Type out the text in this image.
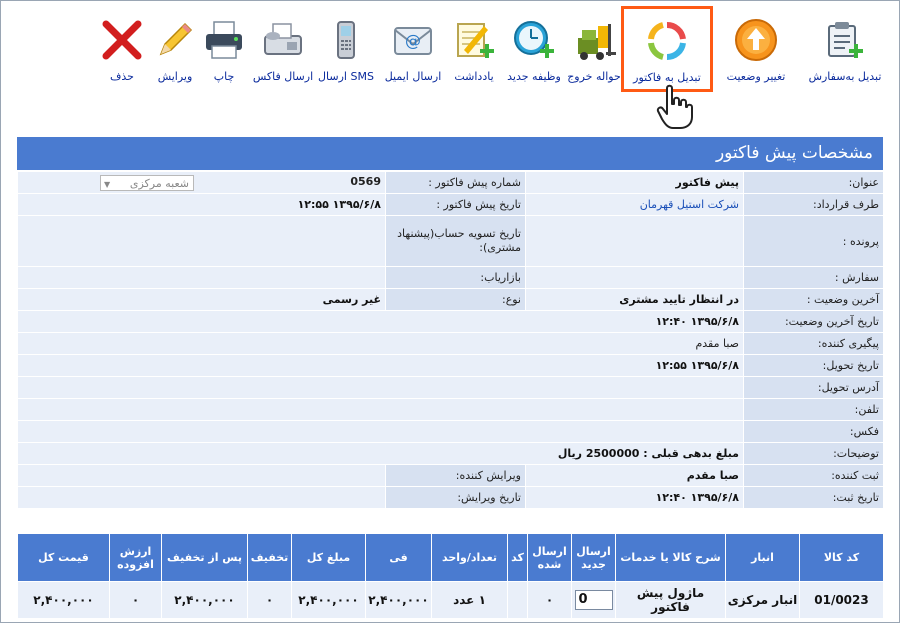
تبدیل به‌سفارش
تغییر وضعیت
تبدیل به فاکتور
حواله خروج
وظیفه جدید
یادداشت
@
ارسال ایمیل
ارسال SMS
ارسال فاکس
چاپ
ویرایش
حذف
مشخصات پیش فاکتور
عنوان:	پیش فاکتور	شماره پیش فاکتور :	0569
شعبه مرکزی
▼

طرف قرارداد:	شرکت استیل قهرمان	تاریخ پیش فاکتور :	۱۳۹۵/۶/۸ ۱۲:۵۵
پرونده :		تاریخ تسویه حساب(پیشنهاد مشتری):	
سفارش :		بازاریاب:	
آخرین وضعیت :	در انتظار تایید مشتری	نوع:	غیر رسمی
تاریخ آخرین وضعیت:	۱۳۹۵/۶/۸ ۱۲:۴۰		
پیگیری کننده:	صبا مقدم		
تاریخ تحویل:	۱۳۹۵/۶/۸ ۱۲:۵۵		
آدرس تحویل:			
تلفن:			
فکس:			
توضیحات:	مبلغ بدهی قبلی : 2500000 ریال		
ثبت کننده:	صبا مقدم	ویرایش کننده:	
تاریخ ثبت:	۱۳۹۵/۶/۸ ۱۲:۴۰	تاریخ ویرایش:	
کد کالا	انبار	شرح کالا یا خدمات	ارسال جدید	ارسال شده	کد	تعداد/واحد	فی	مبلغ کل	تخفیف	پس از تخفیف	ارزش افزوده	قیمت کل
01/0023	انبار مرکزی	ماژول پیش فاکتور	0	۰		۱ عدد	۲,۴۰۰,۰۰۰	۲,۴۰۰,۰۰۰	۰	۲,۴۰۰,۰۰۰	۰	۲,۴۰۰,۰۰۰
